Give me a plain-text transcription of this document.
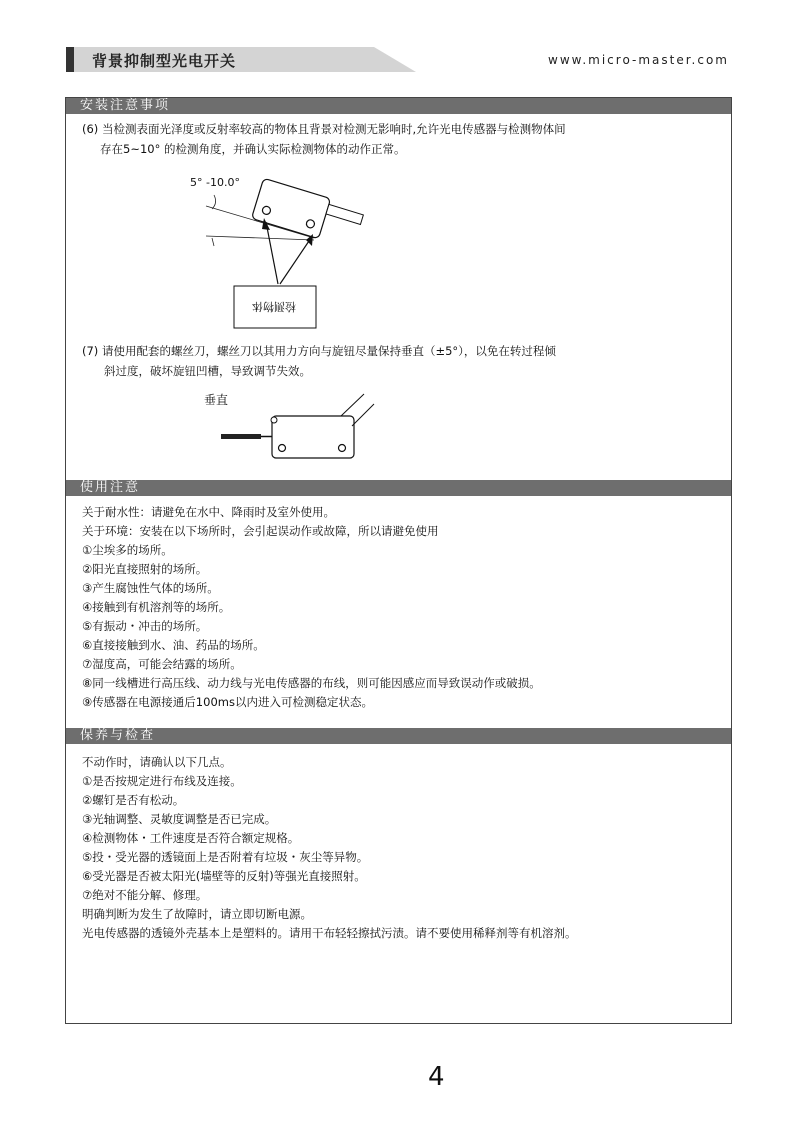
背景抑制型光电开关	www.micro-master.com
安装注意事项
(6) 当检测表面光泽度或反射率较高的物体且背景对检测无影响时,允许光电传感器与检测物体间
存在5~10° 的检测角度，并确认实际检测物体的动作正常。
5° -10.0°
检测物体
(7) 请使用配套的螺丝刀，螺丝刀以其用力方向与旋钮尽量保持垂直（±5°），以免在转过程倾
斜过度，破坏旋钮凹槽，导致调节失效。
垂直
使用注意
关于耐水性：请避免在水中、降雨时及室外使用。
关于环境：安装在以下场所时，会引起误动作或故障，所以请避免使用
①尘埃多的场所。
②阳光直接照射的场所。
③产生腐蚀性气体的场所。
④接触到有机溶剂等的场所。
⑤有振动・冲击的场所。
⑥直接接触到水、油、药品的场所。
⑦湿度高，可能会结露的场所。
⑧同一线槽进行高压线、动力线与光电传感器的布线，则可能因感应而导致误动作或破损。
⑨传感器在电源接通后100ms以内进入可检测稳定状态。
保养与检查
不动作时，请确认以下几点。
①是否按规定进行布线及连接。
②螺钉是否有松动。
③光轴调整、灵敏度调整是否已完成。
④检测物体・工件速度是否符合额定规格。
⑤投・受光器的透镜面上是否附着有垃圾・灰尘等异物。
⑥受光器是否被太阳光(墙壁等的反射)等强光直接照射。
⑦绝对不能分解、修理。
明确判断为发生了故障时，请立即切断电源。
光电传感器的透镜外壳基本上是塑料的。请用干布轻轻擦拭污渍。请不要使用稀释剂等有机溶剂。
4
